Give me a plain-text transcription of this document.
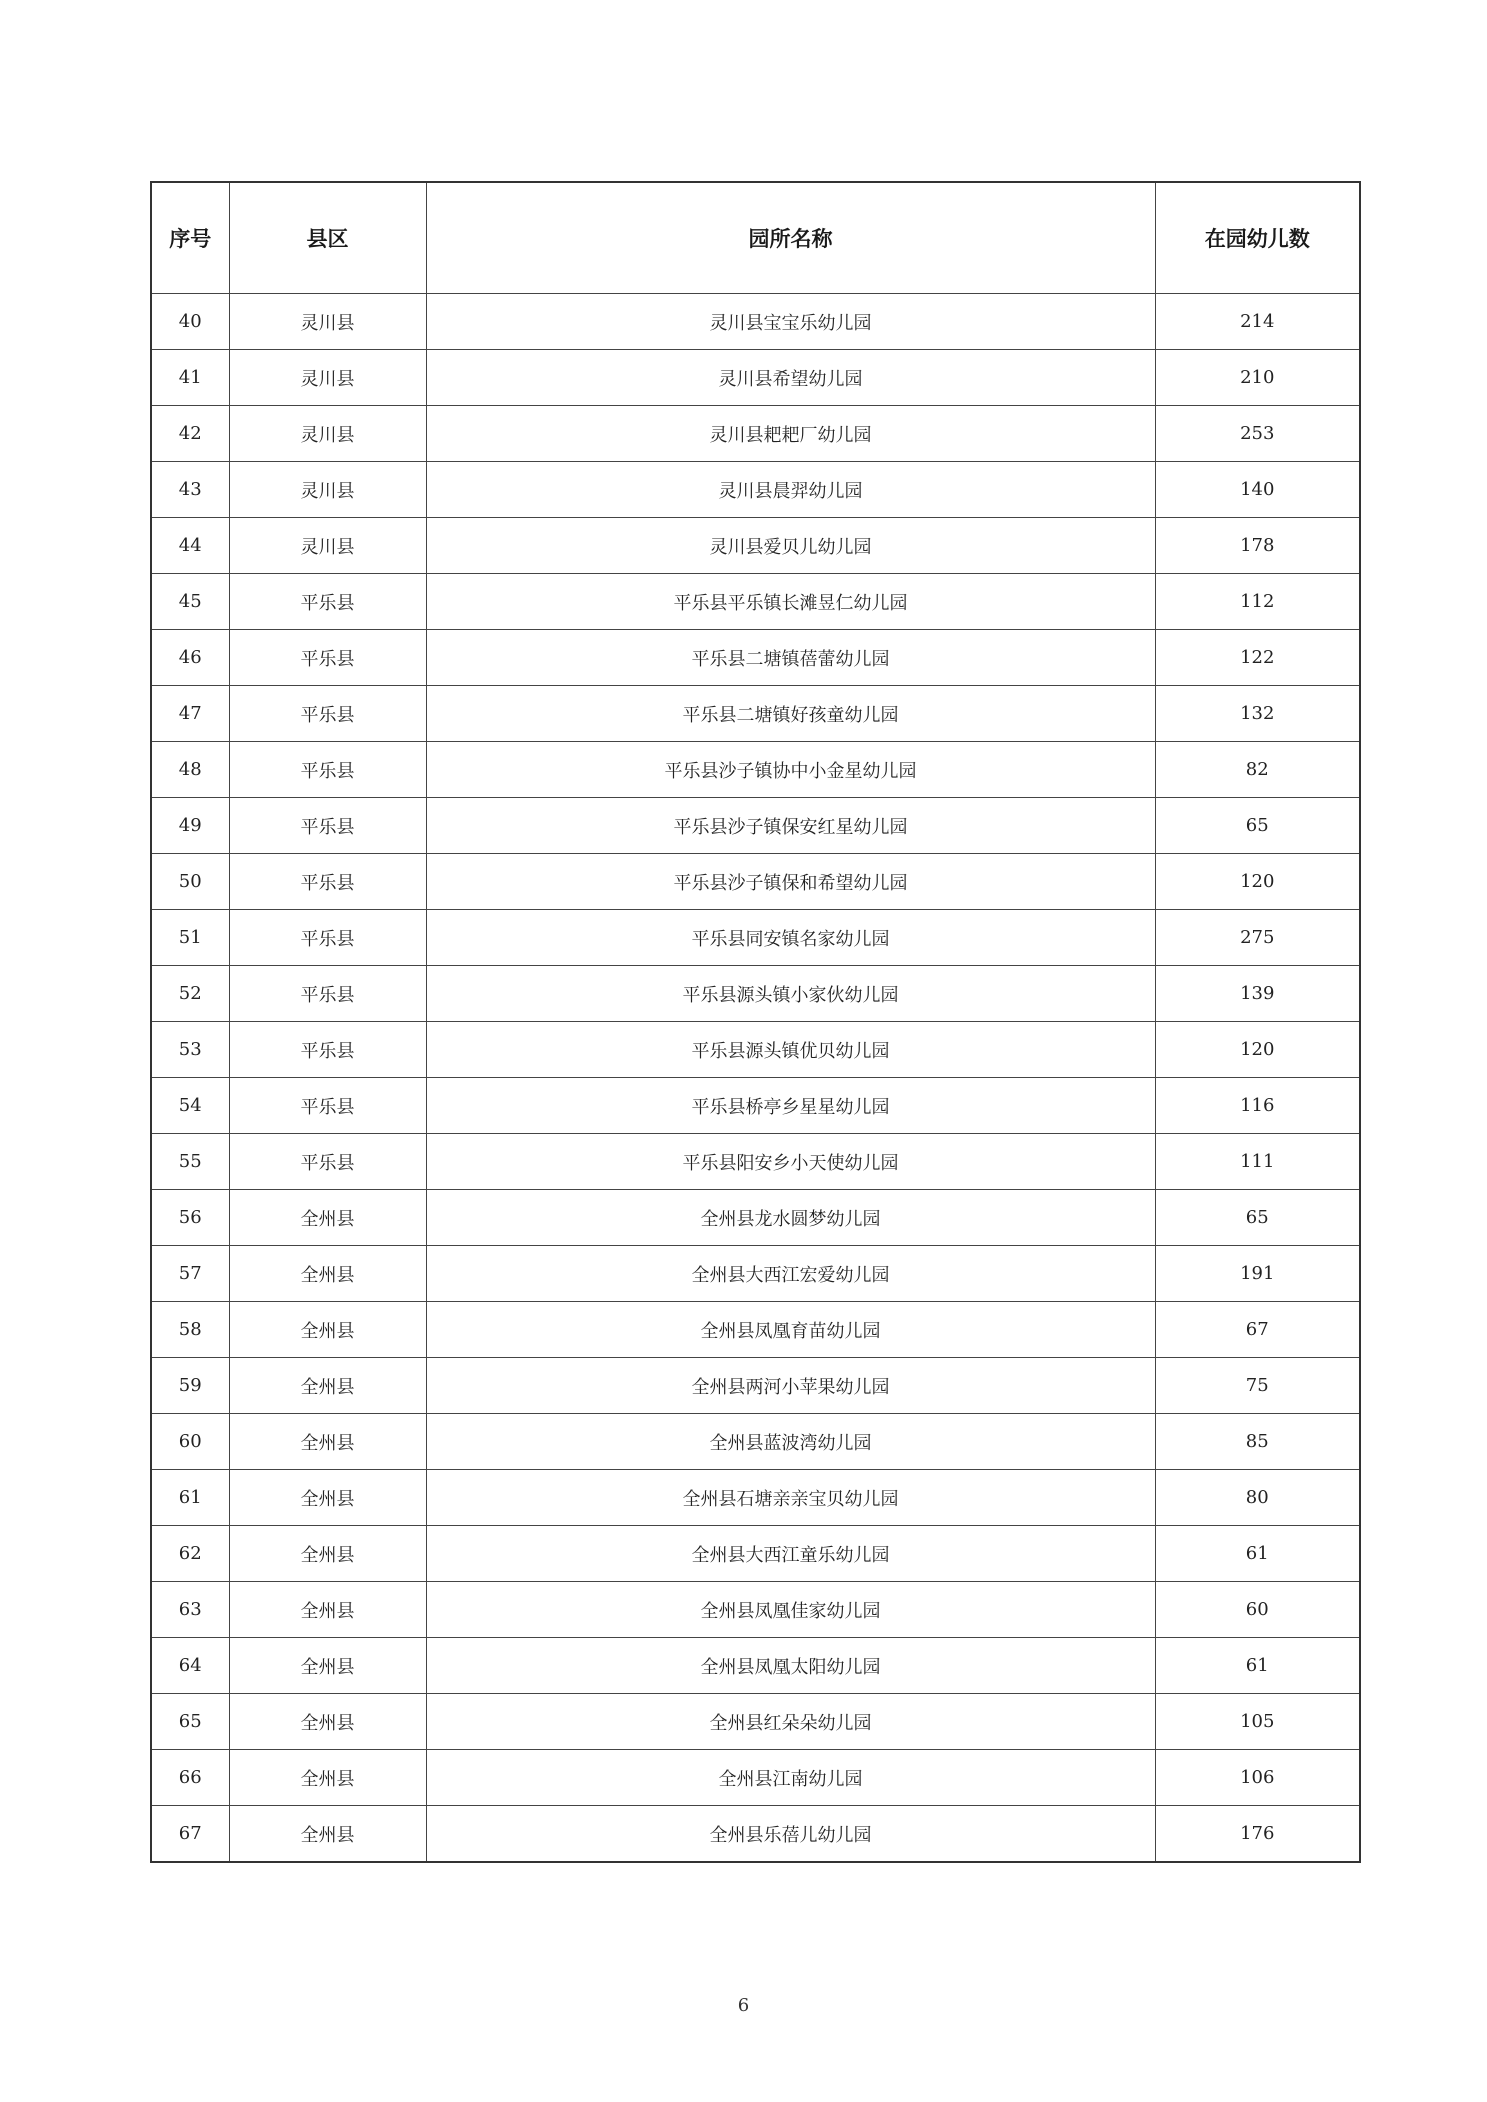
序号	县区	园所名称	在园幼儿数
40	灵川县	灵川县宝宝乐幼儿园	214
41	灵川县	灵川县希望幼儿园	210
42	灵川县	灵川县耙耙厂幼儿园	253
43	灵川县	灵川县晨羿幼儿园	140
44	灵川县	灵川县爱贝儿幼儿园	178
45	平乐县	平乐县平乐镇长滩昱仁幼儿园	112
46	平乐县	平乐县二塘镇蓓蕾幼儿园	122
47	平乐县	平乐县二塘镇好孩童幼儿园	132
48	平乐县	平乐县沙子镇协中小金星幼儿园	82
49	平乐县	平乐县沙子镇保安红星幼儿园	65
50	平乐县	平乐县沙子镇保和希望幼儿园	120
51	平乐县	平乐县同安镇名家幼儿园	275
52	平乐县	平乐县源头镇小家伙幼儿园	139
53	平乐县	平乐县源头镇优贝幼儿园	120
54	平乐县	平乐县桥亭乡星星幼儿园	116
55	平乐县	平乐县阳安乡小天使幼儿园	111
56	全州县	全州县龙水圆梦幼儿园	65
57	全州县	全州县大西江宏爱幼儿园	191
58	全州县	全州县凤凰育苗幼儿园	67
59	全州县	全州县两河小苹果幼儿园	75
60	全州县	全州县蓝波湾幼儿园	85
61	全州县	全州县石塘亲亲宝贝幼儿园	80
62	全州县	全州县大西江童乐幼儿园	61
63	全州县	全州县凤凰佳家幼儿园	60
64	全州县	全州县凤凰太阳幼儿园	61
65	全州县	全州县红朵朵幼儿园	105
66	全州县	全州县江南幼儿园	106
67	全州县	全州县乐蓓儿幼儿园	176
6
